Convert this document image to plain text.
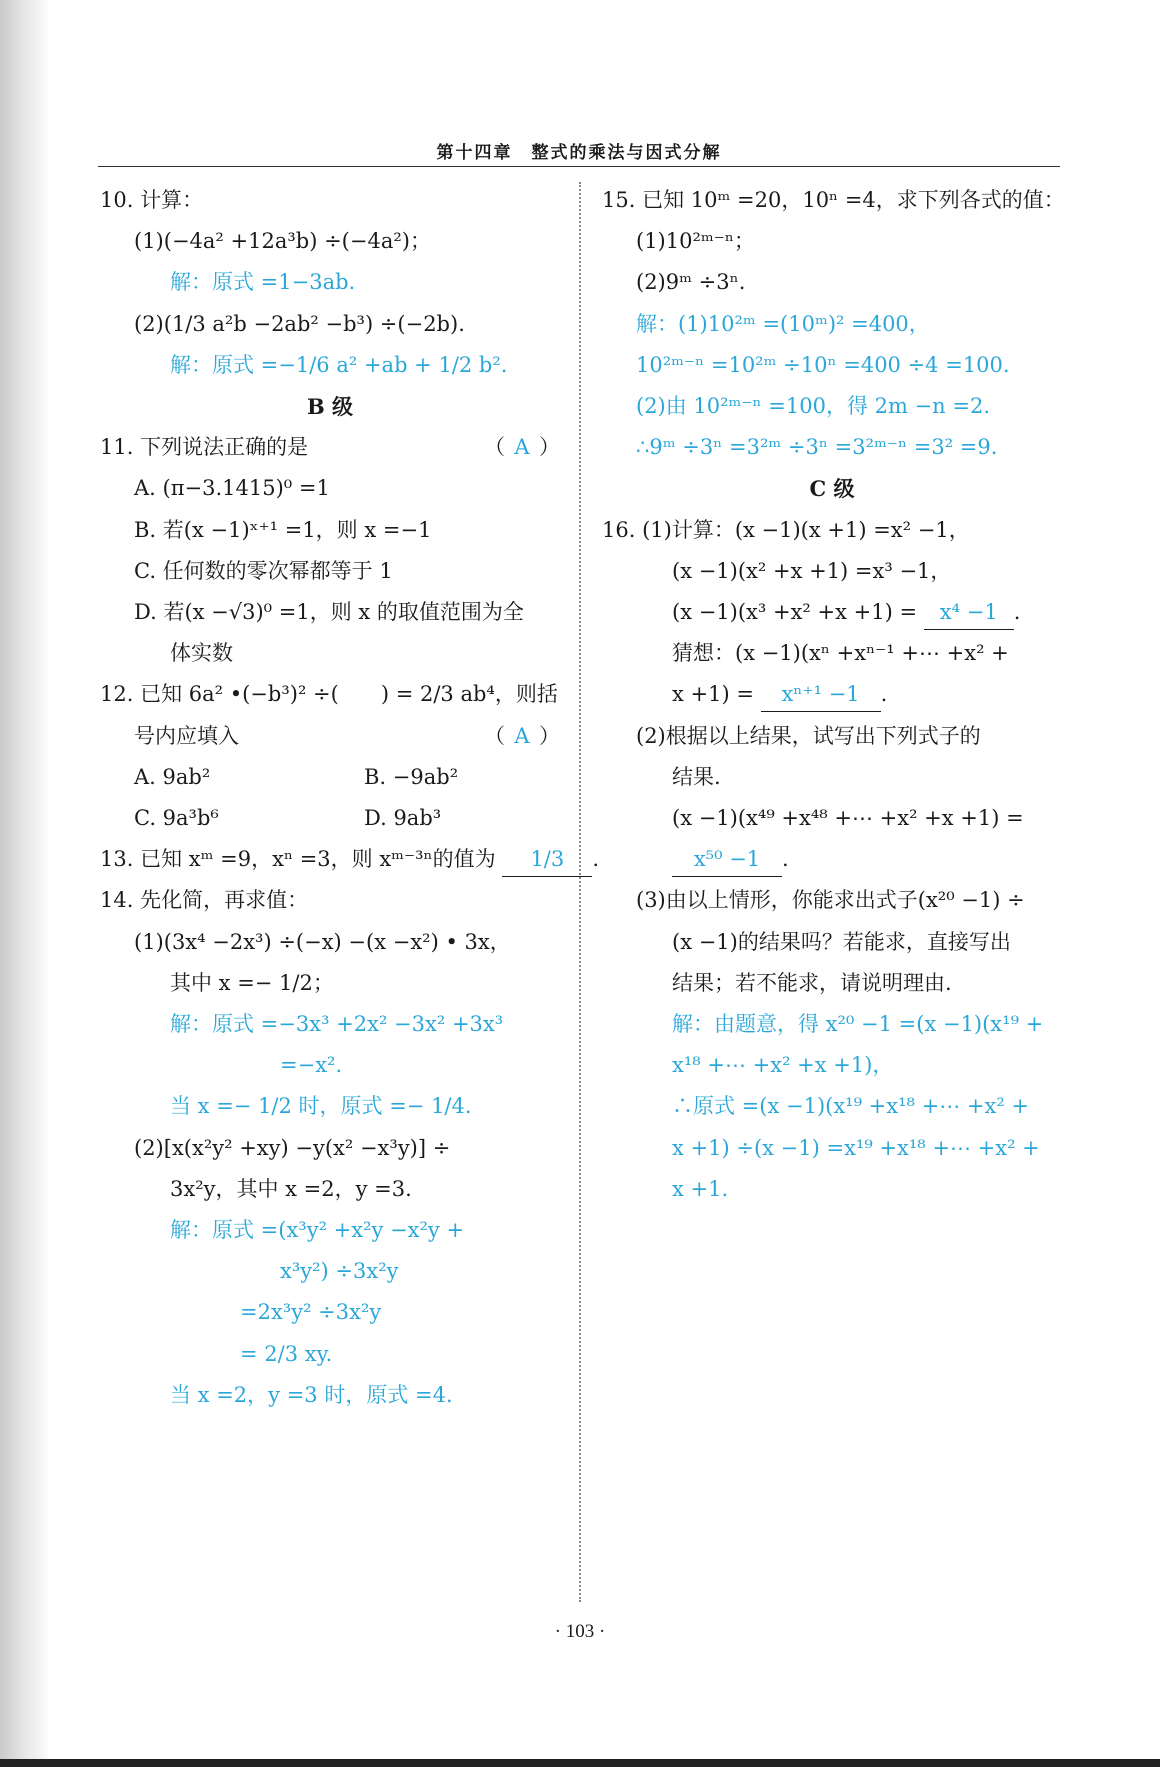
第十四章　整式的乘法与因式分解
10. 计算：
(1)(−4a² +12a³b) ÷(−4a²)；
解：原式 =1−3ab.
(2)(1/3 a²b −2ab² −b³) ÷(−2b).
解：原式 =−1/6 a² +ab + 1/2 b².
B 级
11. 下列说法正确的是	（ A ）
A. (π−3.1415)⁰ =1
B. 若(x −1)ˣ⁺¹ =1，则 x =−1
C. 任何数的零次幂都等于 1
D. 若(x −√3)⁰ =1，则 x 的取值范围为全
体实数
12. 已知 6a² •(−b³)² ÷(　　) = 2/3 ab⁴，则括
号内应填入	（ A ）
A. 9ab²	B. −9ab²
C. 9a³b⁶	D. 9ab³
13. 已知 xᵐ =9，xⁿ =3，则 xᵐ⁻³ⁿ的值为 1/3 .
14. 先化简，再求值：
(1)(3x⁴ −2x³) ÷(−x) −(x −x²) • 3x，
其中 x =− 1/2；
解：原式 =−3x³ +2x² −3x² +3x³
=−x².
当 x =− 1/2 时，原式 =− 1/4.
(2)[x(x²y² +xy) −y(x² −x³y)] ÷
3x²y，其中 x =2，y =3.
解：原式 =(x³y² +x²y −x²y +
x³y²) ÷3x²y
=2x³y² ÷3x²y
= 2/3 xy.
当 x =2，y =3 时，原式 =4.
15. 已知 10ᵐ =20，10ⁿ =4，求下列各式的值：
(1)10²ᵐ⁻ⁿ；
(2)9ᵐ ÷3ⁿ.
解：(1)10²ᵐ =(10ᵐ)² =400，
10²ᵐ⁻ⁿ =10²ᵐ ÷10ⁿ =400 ÷4 =100.
(2)由 10²ᵐ⁻ⁿ =100，得 2m −n =2.
∴9ᵐ ÷3ⁿ =3²ᵐ ÷3ⁿ =3²ᵐ⁻ⁿ =3² =9.
C 级
16. (1)计算：(x −1)(x +1) =x² −1，
(x −1)(x² +x +1) =x³ −1，
(x −1)(x³ +x² +x +1) = x⁴ −1 .
猜想：(x −1)(xⁿ +xⁿ⁻¹ +⋯ +x² +
x +1) = xⁿ⁺¹ −1 .
(2)根据以上结果，试写出下列式子的
结果.
(x −1)(x⁴⁹ +x⁴⁸ +⋯ +x² +x +1) =
x⁵⁰ −1 .
(3)由以上情形，你能求出式子(x²⁰ −1) ÷
(x −1)的结果吗？若能求，直接写出
结果；若不能求，请说明理由.
解：由题意，得 x²⁰ −1 =(x −1)(x¹⁹ +
x¹⁸ +⋯ +x² +x +1)，
∴原式 =(x −1)(x¹⁹ +x¹⁸ +⋯ +x² +
x +1) ÷(x −1) =x¹⁹ +x¹⁸ +⋯ +x² +
x +1.
· 103 ·
